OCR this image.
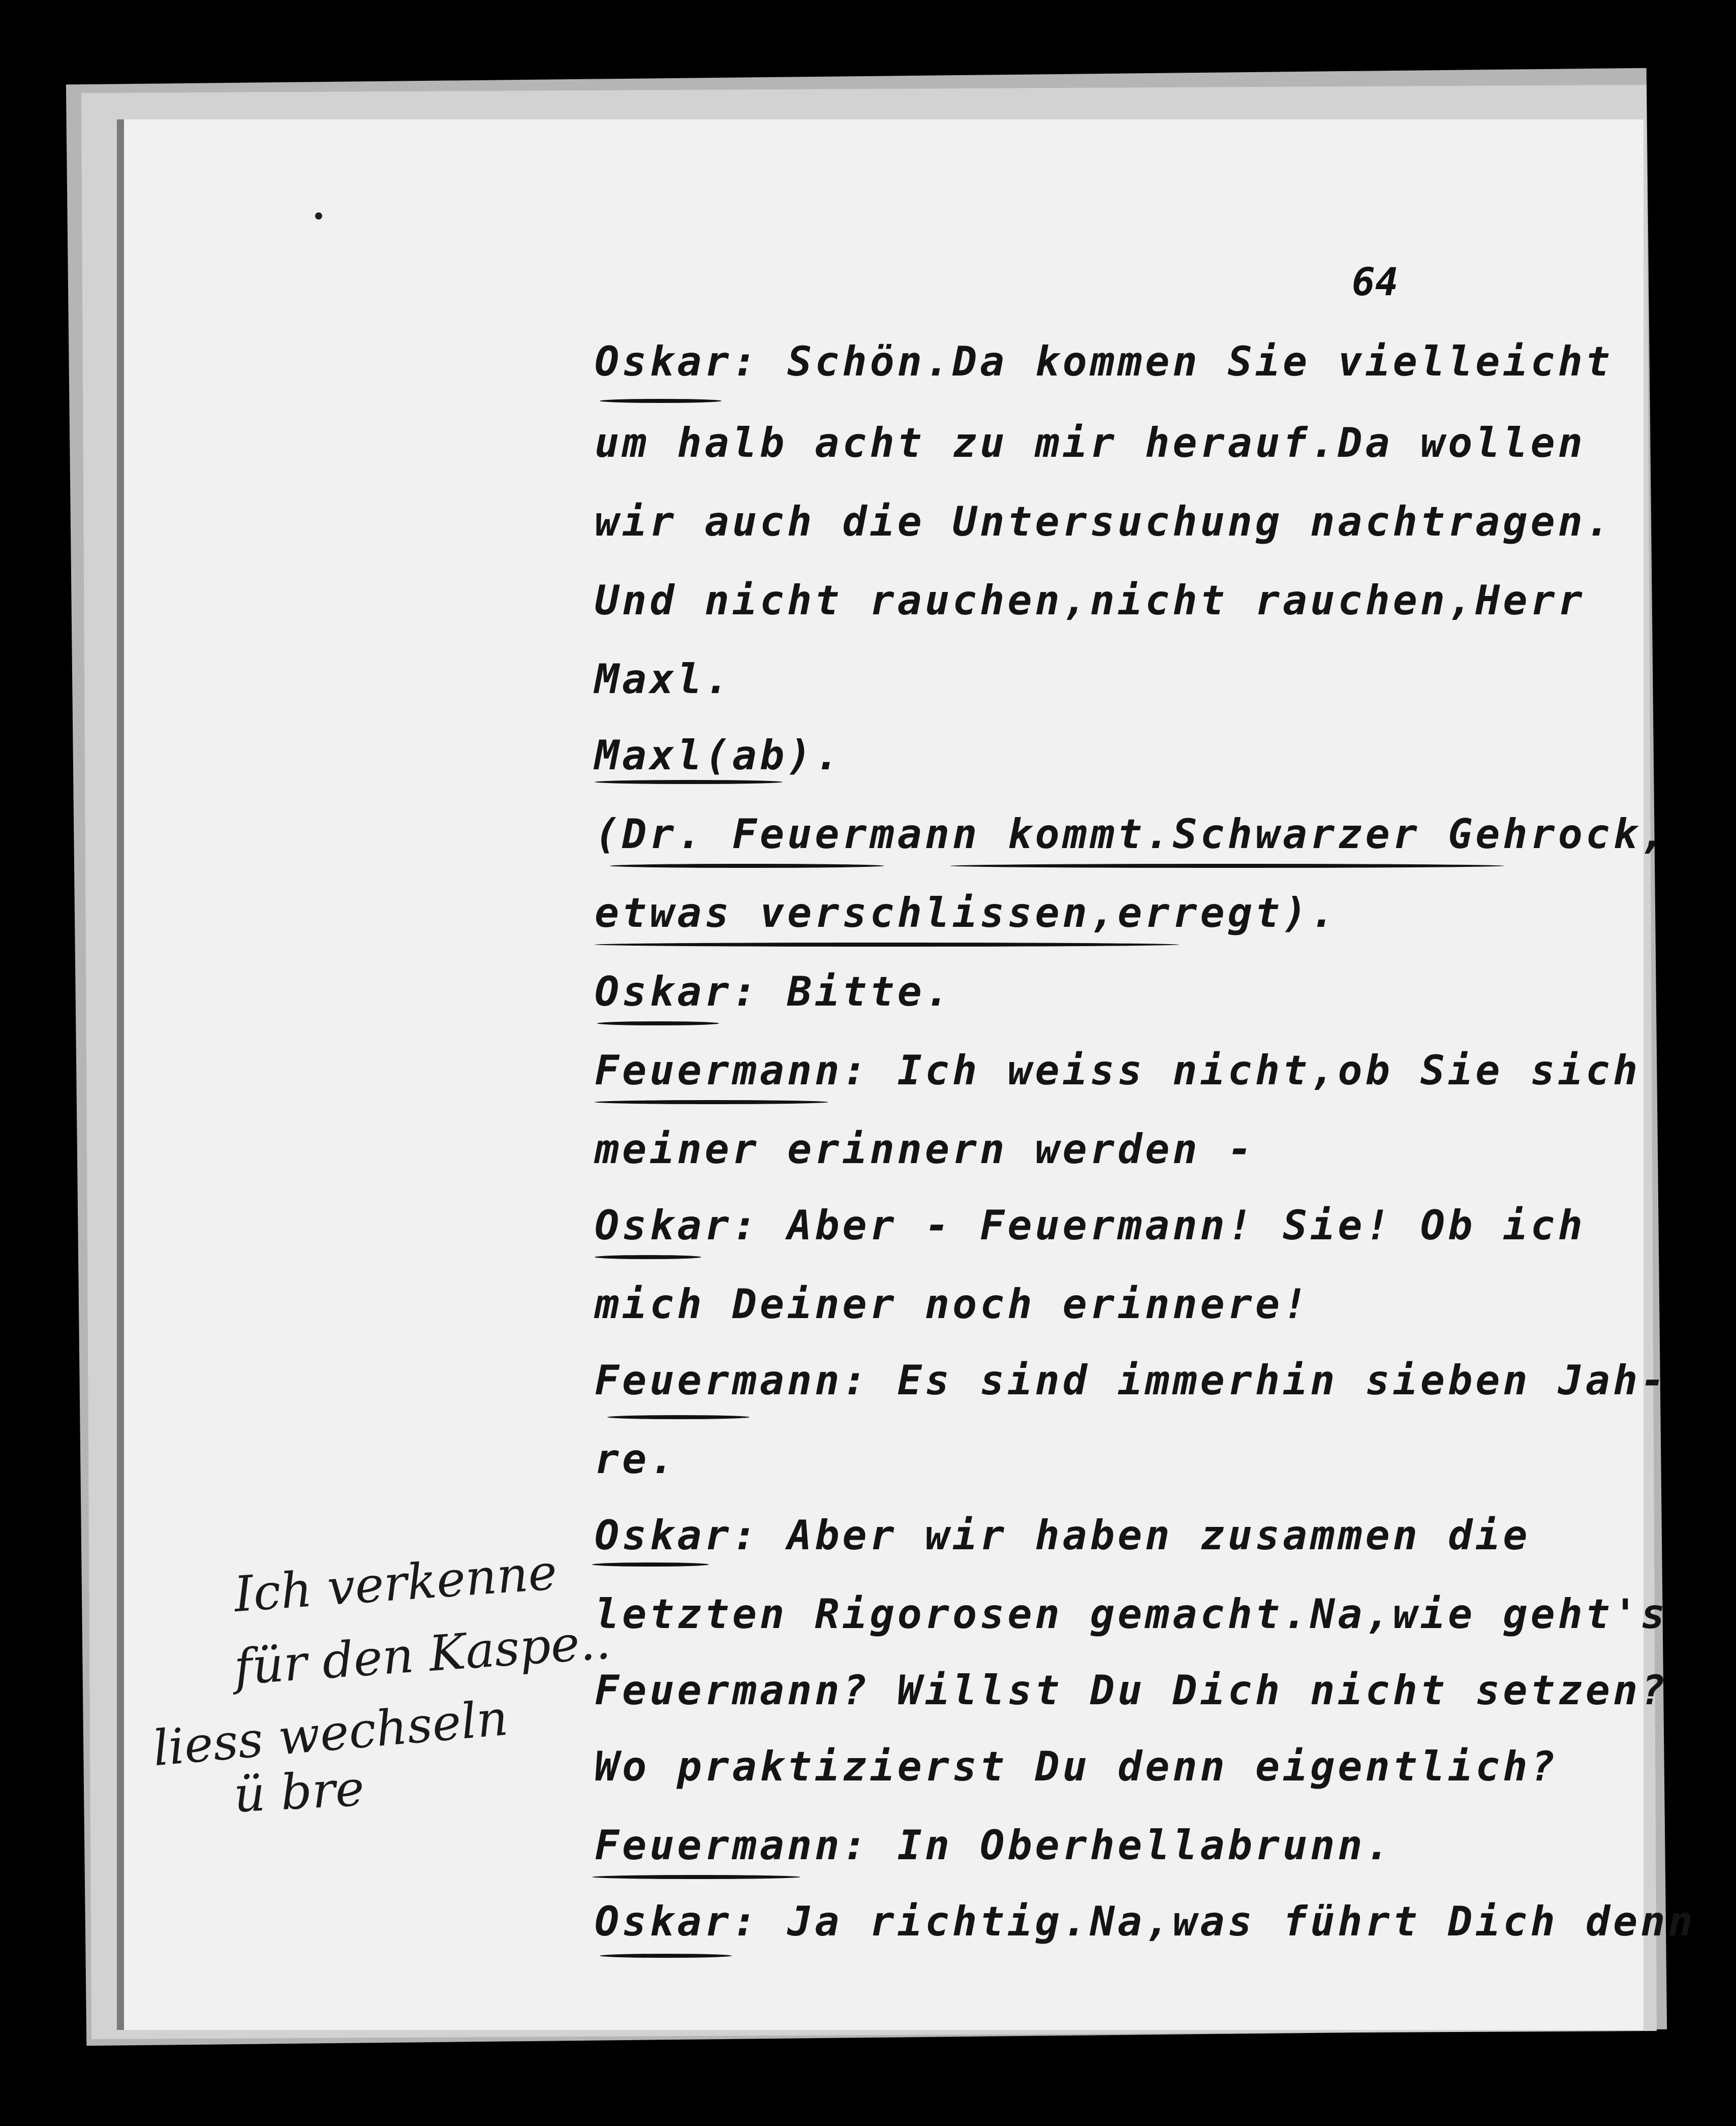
64
Oskar: Schön.Da kommen Sie vielleicht
um halb acht zu mir herauf.Da wollen
wir auch die Untersuchung nachtragen.
Und nicht rauchen,nicht rauchen,Herr
Maxl.
Maxl(ab).
(Dr. Feuermann kommt.Schwarzer Gehrock,
etwas verschlissen,erregt).
Oskar: Bitte.
Feuermann: Ich weiss nicht,ob Sie sich
meiner erinnern werden -
Oskar: Aber - Feuermann! Sie! Ob ich
mich Deiner noch erinnere!
Feuermann: Es sind immerhin sieben Jah-
re.
Oskar: Aber wir haben zusammen die
letzten Rigorosen gemacht.Na,wie geht's
Feuermann? Willst Du Dich nicht setzen?
Wo praktizierst Du denn eigentlich?
Feuermann: In Oberhellabrunn.
Oskar: Ja richtig.Na,was führt Dich denn
Ich verkenne
für den Kaspe..
liess wechseln
ü bre
